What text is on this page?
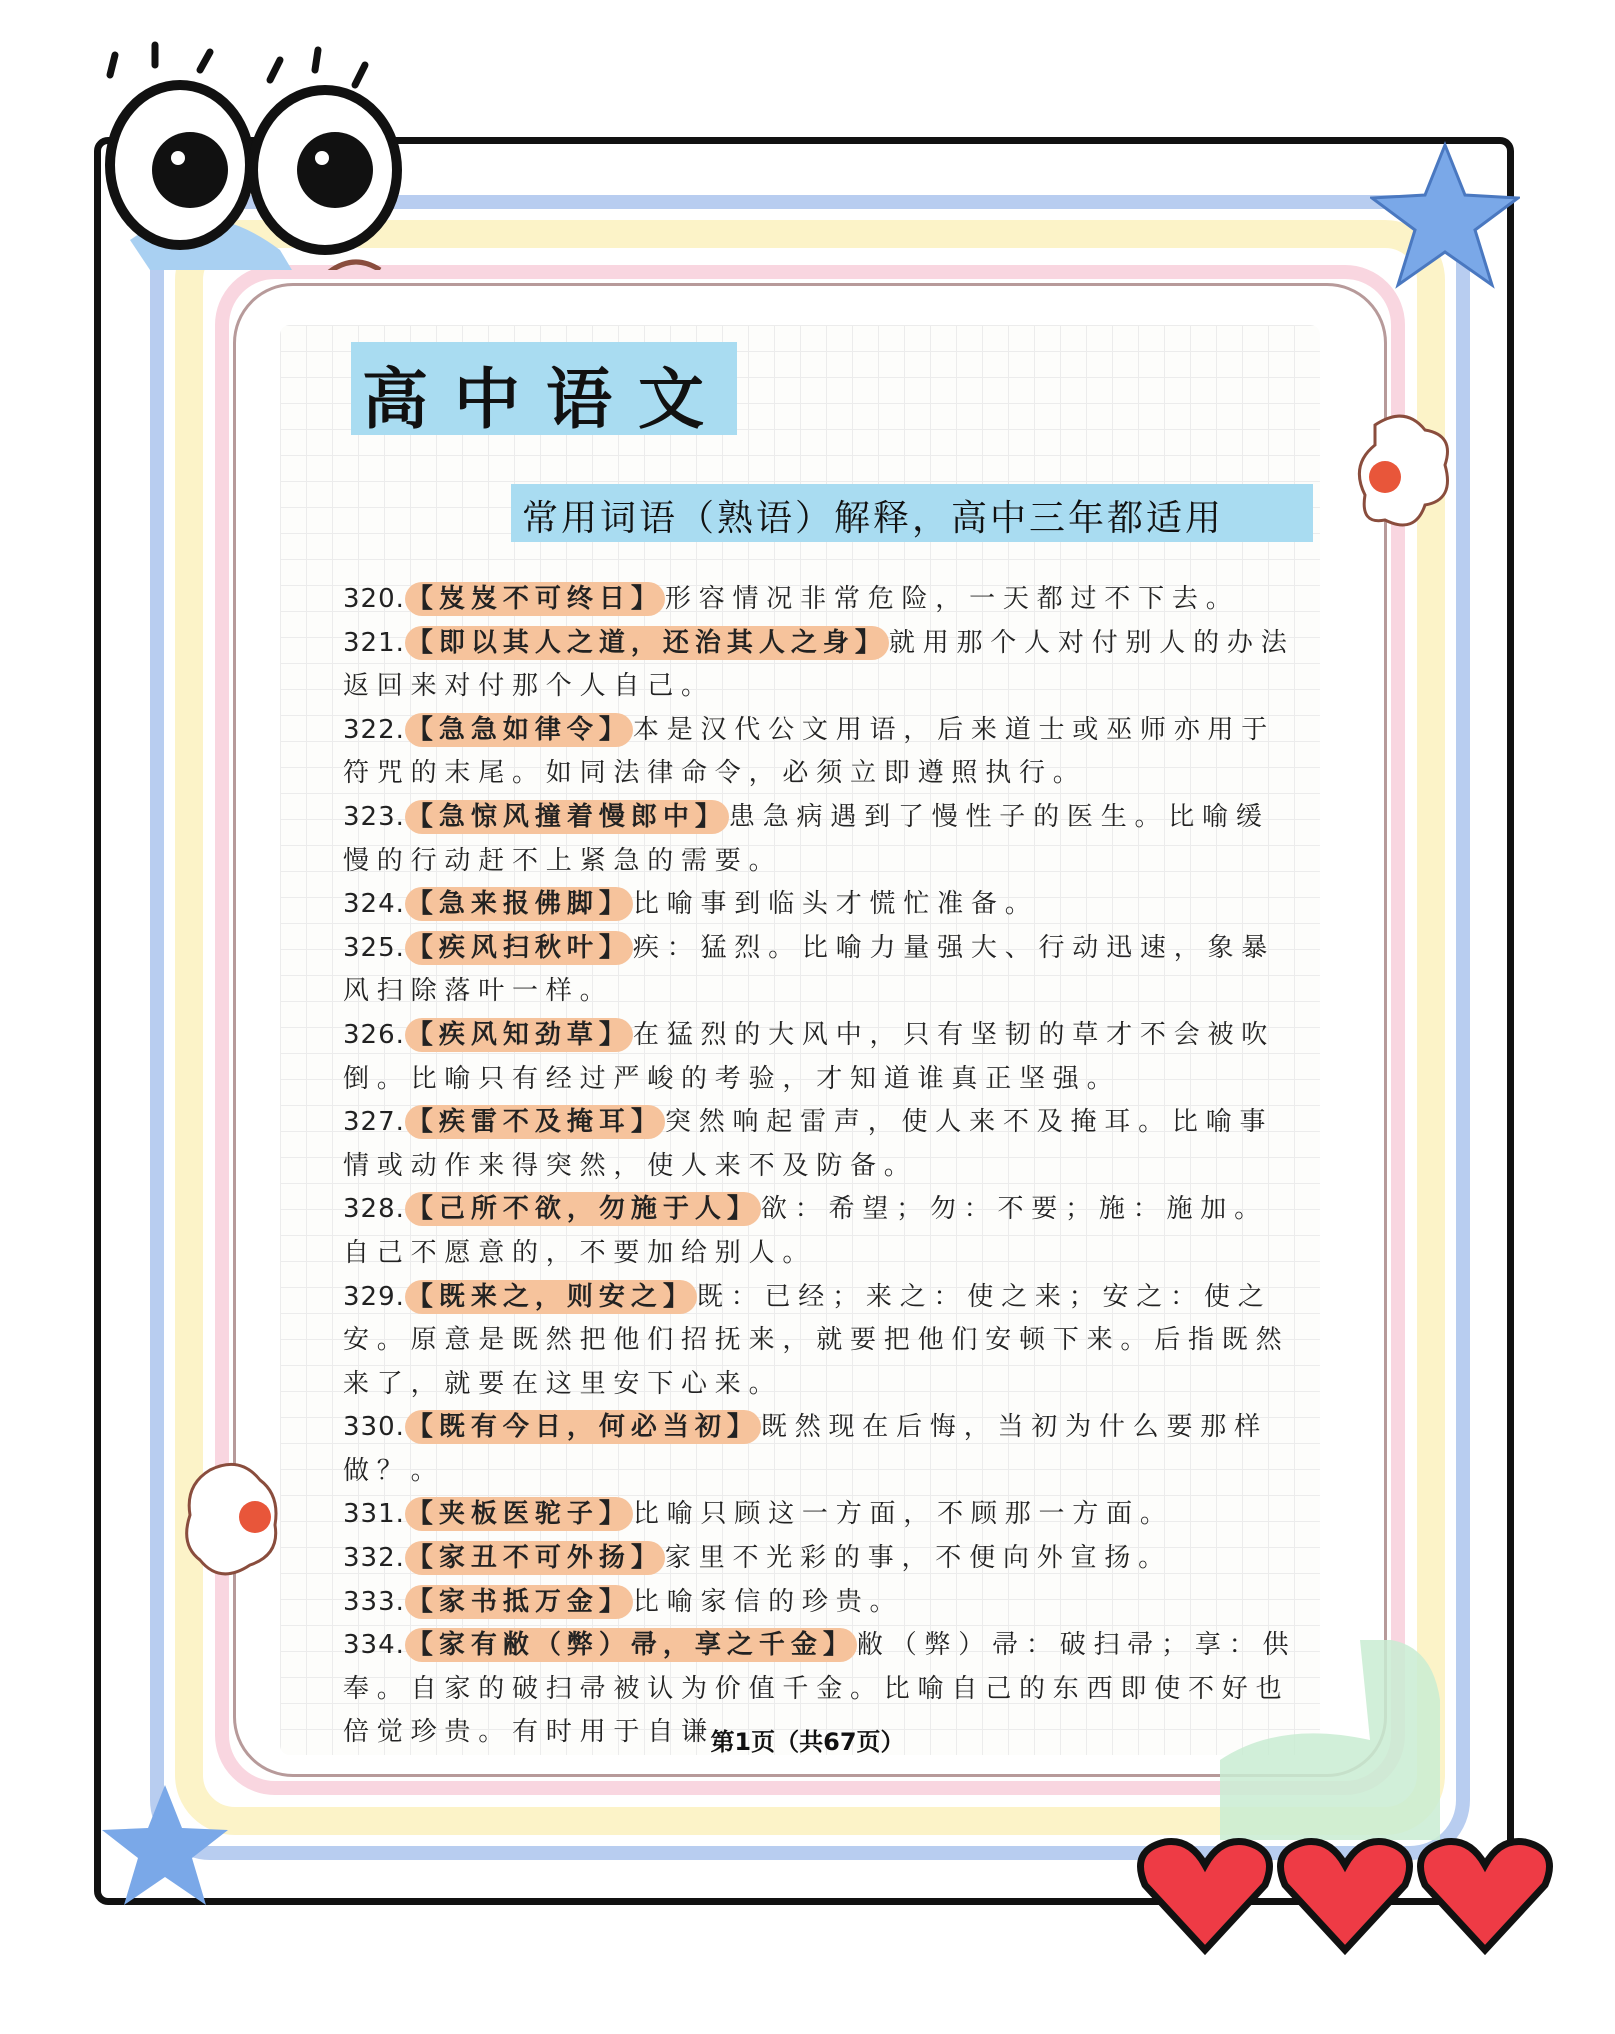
高中语文
常用词语（熟语）解释，高中三年都适用

320.【岌岌不可终日】形容情况非常危险，一天都过不下去。

321.【即以其人之道，还治其人之身】就用那个人对付别人的办法返回来对付那个人自己。

322.【急急如律令】本是汉代公文用语，后来道士或巫师亦用于符咒的末尾。如同法律命令，必须立即遵照执行。

323.【急惊风撞着慢郎中】患急病遇到了慢性子的医生。比喻缓慢的行动赶不上紧急的需要。

324.【急来报佛脚】比喻事到临头才慌忙准备。

325.【疾风扫秋叶】疾：猛烈。比喻力量强大、行动迅速，象暴风扫除落叶一样。

326.【疾风知劲草】在猛烈的大风中，只有坚韧的草才不会被吹倒。比喻只有经过严峻的考验，才知道谁真正坚强。

327.【疾雷不及掩耳】突然响起雷声，使人来不及掩耳。比喻事情或动作来得突然，使人来不及防备。

328.【己所不欲，勿施于人】欲：希望；勿：不要；施：施加。自己不愿意的，不要加给别人。

329.【既来之，则安之】既：已经；来之：使之来；安之：使之安。原意是既然把他们招抚来，就要把他们安顿下来。后指既然来了，就要在这里安下心来。

330.【既有今日，何必当初】既然现在后悔，当初为什么要那样做？。

331.【夹板医驼子】比喻只顾这一方面，不顾那一方面。

332.【家丑不可外扬】家里不光彩的事，不便向外宣扬。

333.【家书抵万金】比喻家信的珍贵。

334.【家有敝（弊）帚，享之千金】敝（弊）帚：破扫帚；享：供奉。自家的破扫帚被认为价值千金。比喻自己的东西即使不好也倍觉珍贵。有时用于自谦。

第1页（共67页）
